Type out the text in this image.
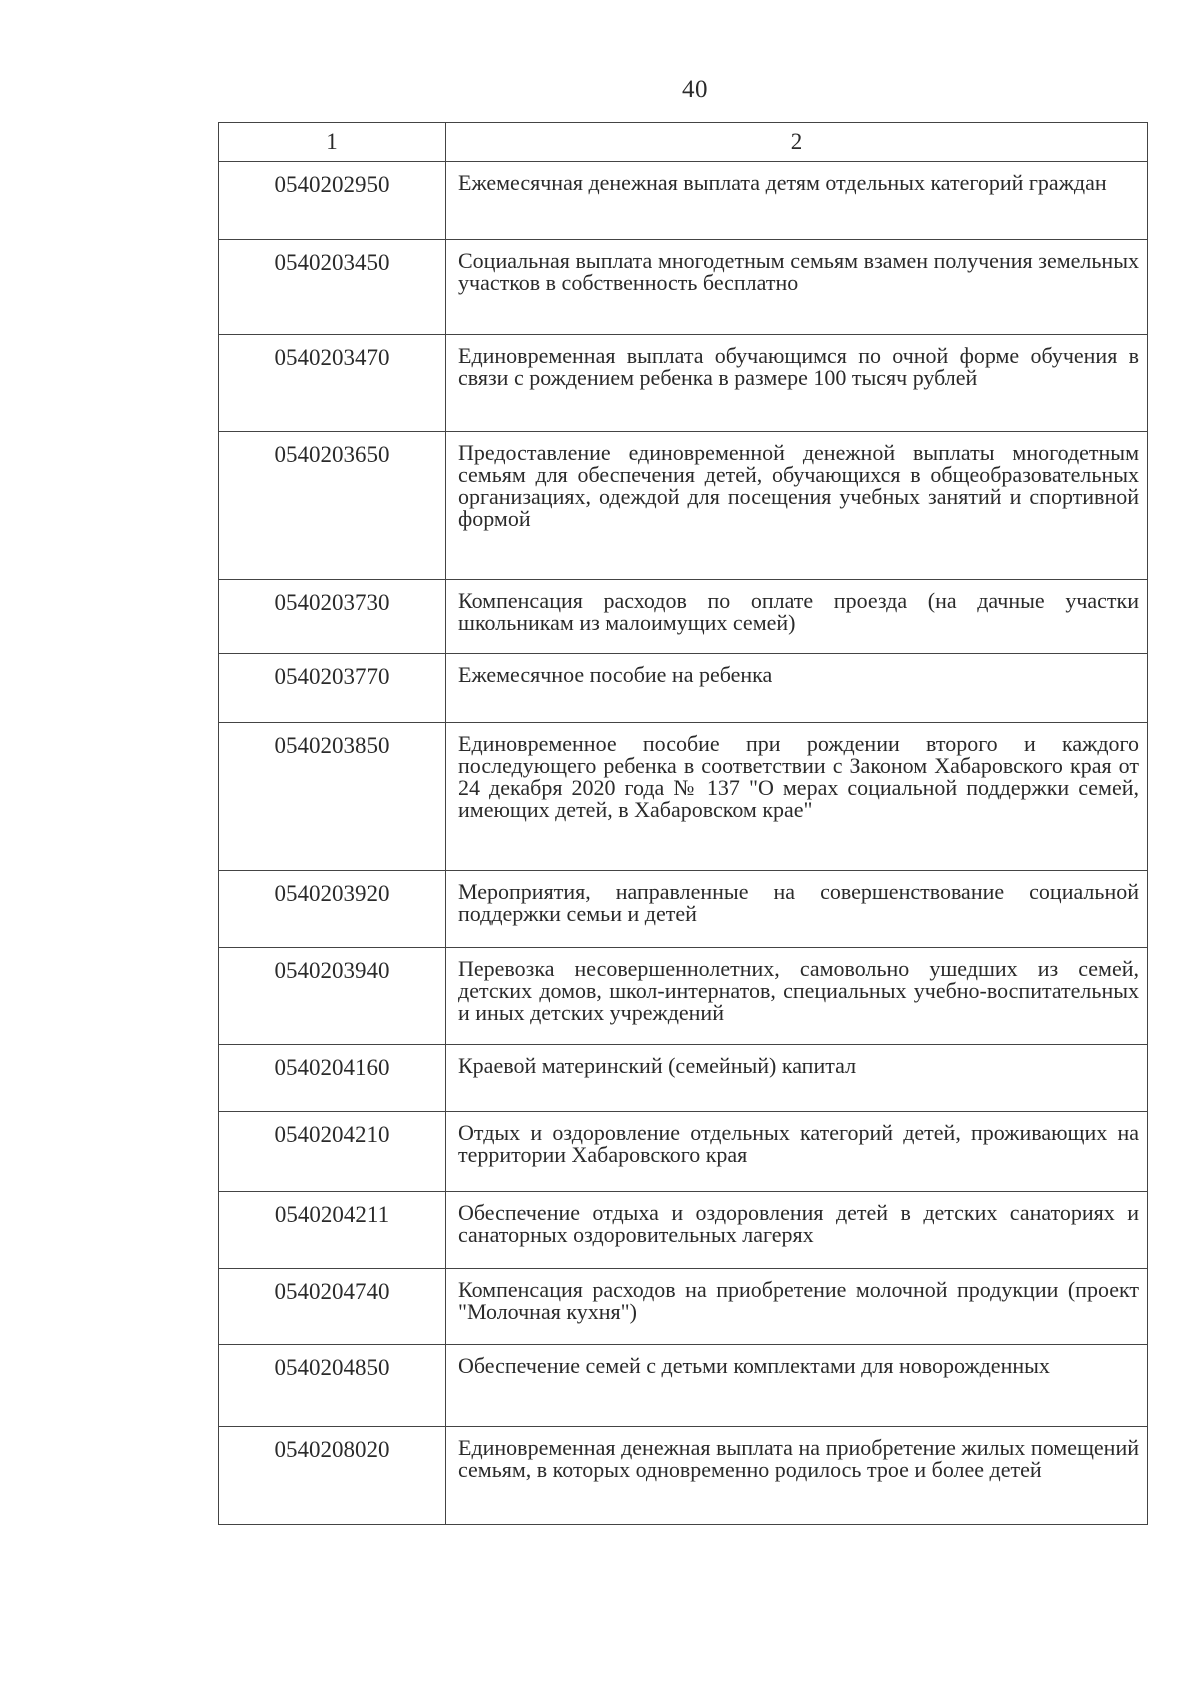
40
1	2
0540202950	Ежемесячная денежная выплата детям отдельных категорий граждан
0540203450	Социальная выплата многодетным семьям взамен получения земельных участков в собственность бесплатно
0540203470	Единовременная выплата обучающимся по очной форме обучения в связи с рождением ребенка в размере 100 тысяч рублей
0540203650	Предоставление единовременной денежной выплаты многодетным семьям для обеспечения детей, обучающихся в общеобразовательных организациях, одеждой для посещения учебных занятий и спортивной формой
0540203730	Компенсация расходов по оплате проезда (на дачные участки школьникам из малоимущих семей)
0540203770	Ежемесячное пособие на ребенка
0540203850	Единовременное пособие при рождении второго и каждого последующего ребенка в соответствии с Законом Хабаровского края от 24 декабря 2020 года № 137 "О мерах социальной поддержки семей, имеющих детей, в Хабаровском крае"
0540203920	Мероприятия, направленные на совершенствование социальной поддержки семьи и детей
0540203940	Перевозка несовершеннолетних, самовольно ушедших из семей, детских домов, школ-интернатов, специальных учебно-воспитательных и иных детских учреждений
0540204160	Краевой материнский (семейный) капитал
0540204210	Отдых и оздоровление отдельных категорий детей, проживающих на территории Хабаровского края
0540204211	Обеспечение отдыха и оздоровления детей в детских санаториях и санаторных оздоровительных лагерях
0540204740	Компенсация расходов на приобретение молочной продукции (проект "Молочная кухня")
0540204850	Обеспечение семей с детьми комплектами для новорожденных
0540208020	Единовременная денежная выплата на приобретение жилых помещений семьям, в которых одновременно родилось трое и более детей
